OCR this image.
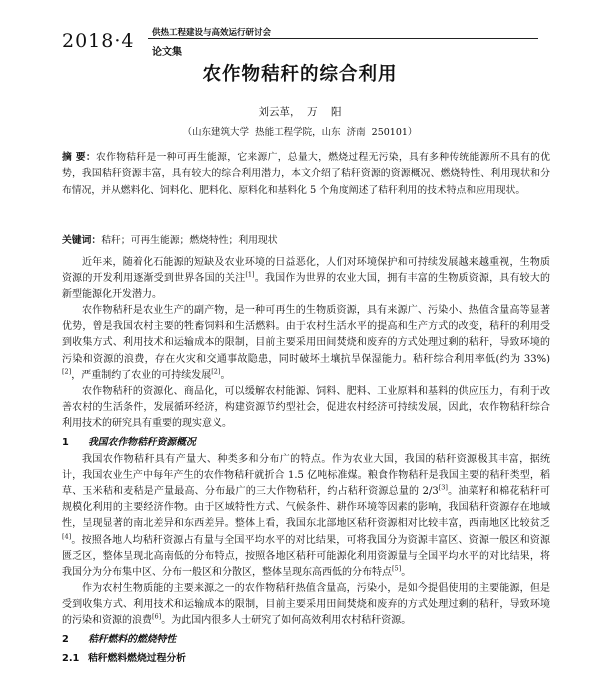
2018·4 供热工程建设与高效运行研讨会
论文集
农作物秸秆的综合利用
刘云革，  万    阳
（山东建筑大学  热能工程学院，山东  济南  250101）
摘 要：农作物秸秆是一种可再生能源，它来源广，总量大，燃烧过程无污染，具有多种传统能源所不具有的优势，我国秸秆资源丰富，具有较大的综合利用潜力，本文介绍了秸秆资源的资源概况、燃烧特性、利用现状和分布情况，并从燃料化、饲料化、肥料化、原料化和基料化 5 个角度阐述了秸秆利用的技术特点和应用现状。
关键词：秸秆；可再生能源；燃烧特性；利用现状

近年来，随着化石能源的短缺及农业环境的日益恶化，人们对环境保护和可持续发展越来越重视，生物质资源的开发利用逐渐受到世界各国的关注[1]。我国作为世界的农业大国，拥有丰富的生物质资源，具有较大的新型能源化开发潜力。

农作物秸秆是农业生产的副产物，是一种可再生的生物质资源，具有来源广、污染小、热值含量高等显著优势，曾是我国农村主要的牲畜饲料和生活燃料。由于农村生活水平的提高和生产方式的改变，秸秆的利用受到收集方式、利用技术和运输成本的限制，目前主要采用田间焚烧和废弃的方式处理过剩的秸秆，导致环境的污染和资源的浪费，存在火灾和交通事故隐患，同时破坏土壤抗旱保湿能力。秸秆综合利用率低(约为 33%)[2]，严重制约了农业的可持续发展[2]。

农作物秸秆的资源化、商品化，可以缓解农村能源、饲料、肥料、工业原料和基料的供应压力，有利于改善农村的生活条件，发展循环经济，构建资源节约型社会，促进农村经济可持续发展，因此，农作物秸秆综合利用技术的研究具有重要的现实意义。

1 我国农作物秸秆资源概况

我国农作物秸秆具有产量大、种类多和分布广的特点。作为农业大国，我国的秸秆资源极其丰富，据统计，我国农业生产中每年产生的农作物秸秆就折合 1.5 亿吨标准煤。粮食作物秸秆是我国主要的秸秆类型，稻草、玉米秸和麦秸是产量最高、分布最广的三大作物秸秆，约占秸秆资源总量的 2/3[3]。油菜籽和棉花秸秆可规模化利用的主要经济作物。由于区域特性方式、气候条件、耕作环境等因素的影响，我国秸秆资源存在地域性，呈现显著的南北差异和东西差异。整体上看，我国东北部地区秸秆资源相对比较丰富，西南地区比较贫乏[4]。按照各地人均秸秆资源占有量与全国平均水平的对比结果，可将我国分为资源丰富区、资源一般区和资源匮乏区，整体呈现北高南低的分布特点，按照各地区秸秆可能源化利用资源量与全国平均水平的对比结果，将我国分为分布集中区、分布一般区和分散区，整体呈现东高西低的分布特点[5]。

作为农村生物质能的主要来源之一的农作物秸秆热值含量高，污染小，是如今提倡使用的主要能源，但是受到收集方式、利用技术和运输成本的限制，目前主要采用田间焚烧和废弃的方式处理过剩的秸秆，导致环境的污染和资源的浪费[6]。为此国内很多人士研究了如何高效利用农村秸秆资源。

2 秸秆燃料的燃烧特性
2.1 秸秆燃料燃烧过程分析
